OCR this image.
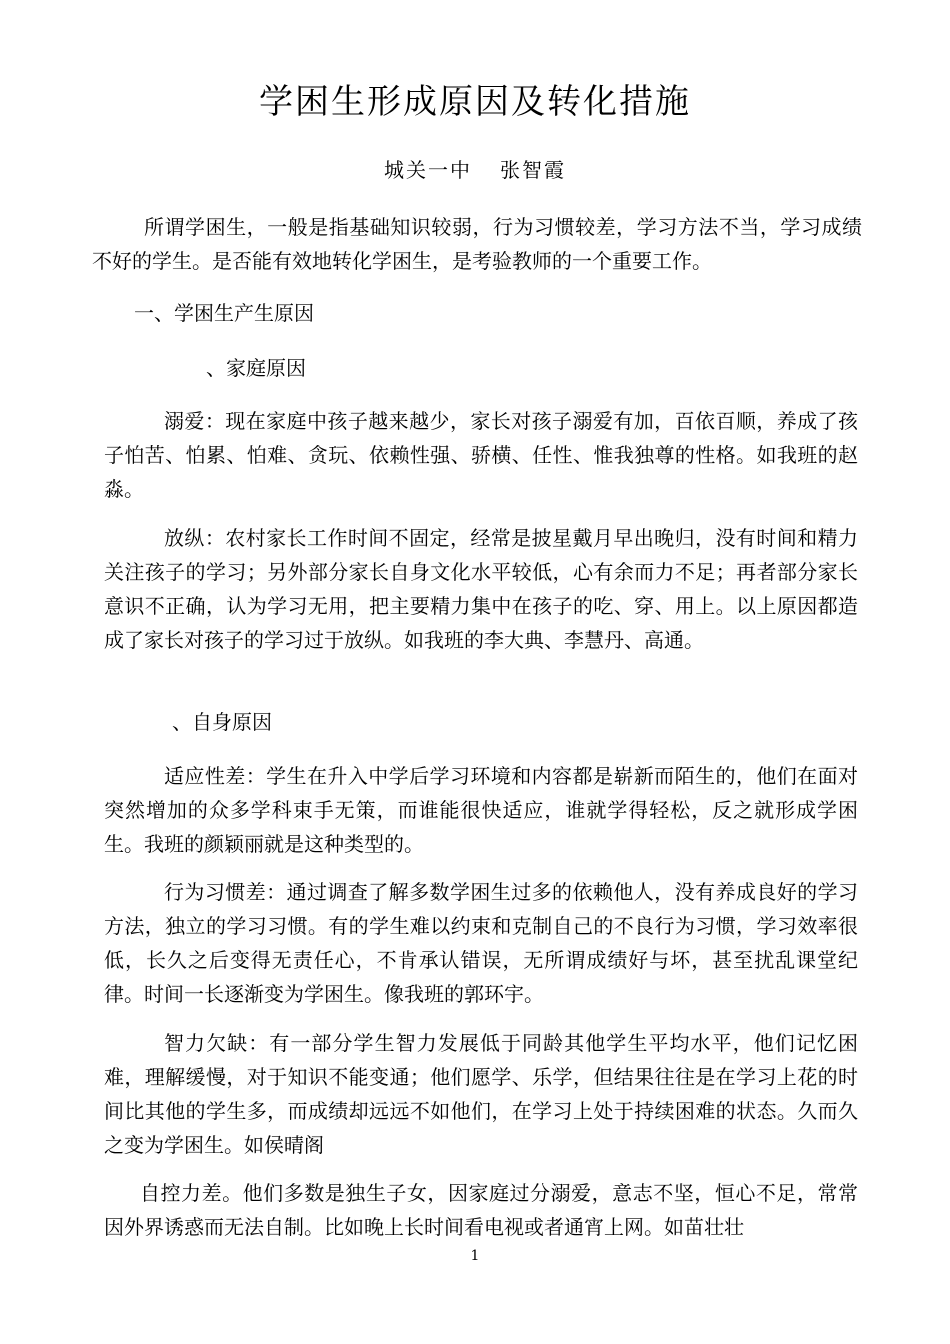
学困生形成原因及转化措施
城关一中 张智霞

所谓学困生，一般是指基础知识较弱，行为习惯较差，学习方法不当，学习成绩不好的学生。是否能有效地转化学困生，是考验教师的一个重要工作。

一、学困生产生原因

、家庭原因

溺爱：现在家庭中孩子越来越少，家长对孩子溺爱有加，百依百顺，养成了孩子怕苦、怕累、怕难、贪玩、依赖性强、骄横、任性、惟我独尊的性格。如我班的赵淼。

放纵：农村家长工作时间不固定，经常是披星戴月早出晚归，没有时间和精力关注孩子的学习；另外部分家长自身文化水平较低，心有余而力不足；再者部分家长意识不正确，认为学习无用，把主要精力集中在孩子的吃、穿、用上。以上原因都造成了家长对孩子的学习过于放纵。如我班的李大典、李慧丹、高通。

、自身原因

适应性差：学生在升入中学后学习环境和内容都是崭新而陌生的，他们在面对突然增加的众多学科束手无策，而谁能很快适应，谁就学得轻松，反之就形成学困生。我班的颜颖丽就是这种类型的。

行为习惯差：通过调查了解多数学困生过多的依赖他人，没有养成良好的学习方法，独立的学习习惯。有的学生难以约束和克制自己的不良行为习惯，学习效率很低，长久之后变得无责任心，不肯承认错误，无所谓成绩好与坏，甚至扰乱课堂纪律。时间一长逐渐变为学困生。像我班的郭环宇。

智力欠缺：有一部分学生智力发展低于同龄其他学生平均水平，他们记忆困难，理解缓慢，对于知识不能变通；他们愿学、乐学，但结果往往是在学习上花的时间比其他的学生多，而成绩却远远不如他们，在学习上处于持续困难的状态。久而久之变为学困生。如侯晴阁

自控力差。他们多数是独生子女，因家庭过分溺爱，意志不坚，恒心不足，常常因外界诱惑而无法自制。比如晚上长时间看电视或者通宵上网。如苗壮壮

1
